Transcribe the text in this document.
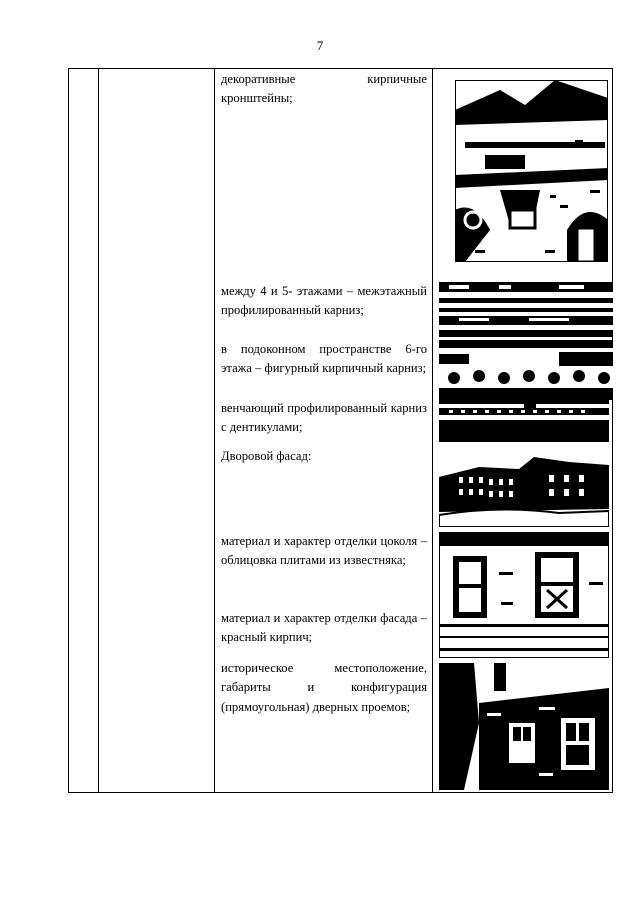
7
декоративные кирпичные кронштейны;
между 4 и 5- этажами – межэтажный профилированный карниз;
в подоконном пространстве 6-го этажа – фигурный кирпичный карниз;
венчающий профилированный карниз с дентикулами;
Дворовой фасад:
материал и характер отделки цоколя – облицовка плитами из известняка;
материал и характер отделки фасада – красный кирпич;
историческое местоположение, габариты и конфигурация (прямоугольная) дверных проемов;
